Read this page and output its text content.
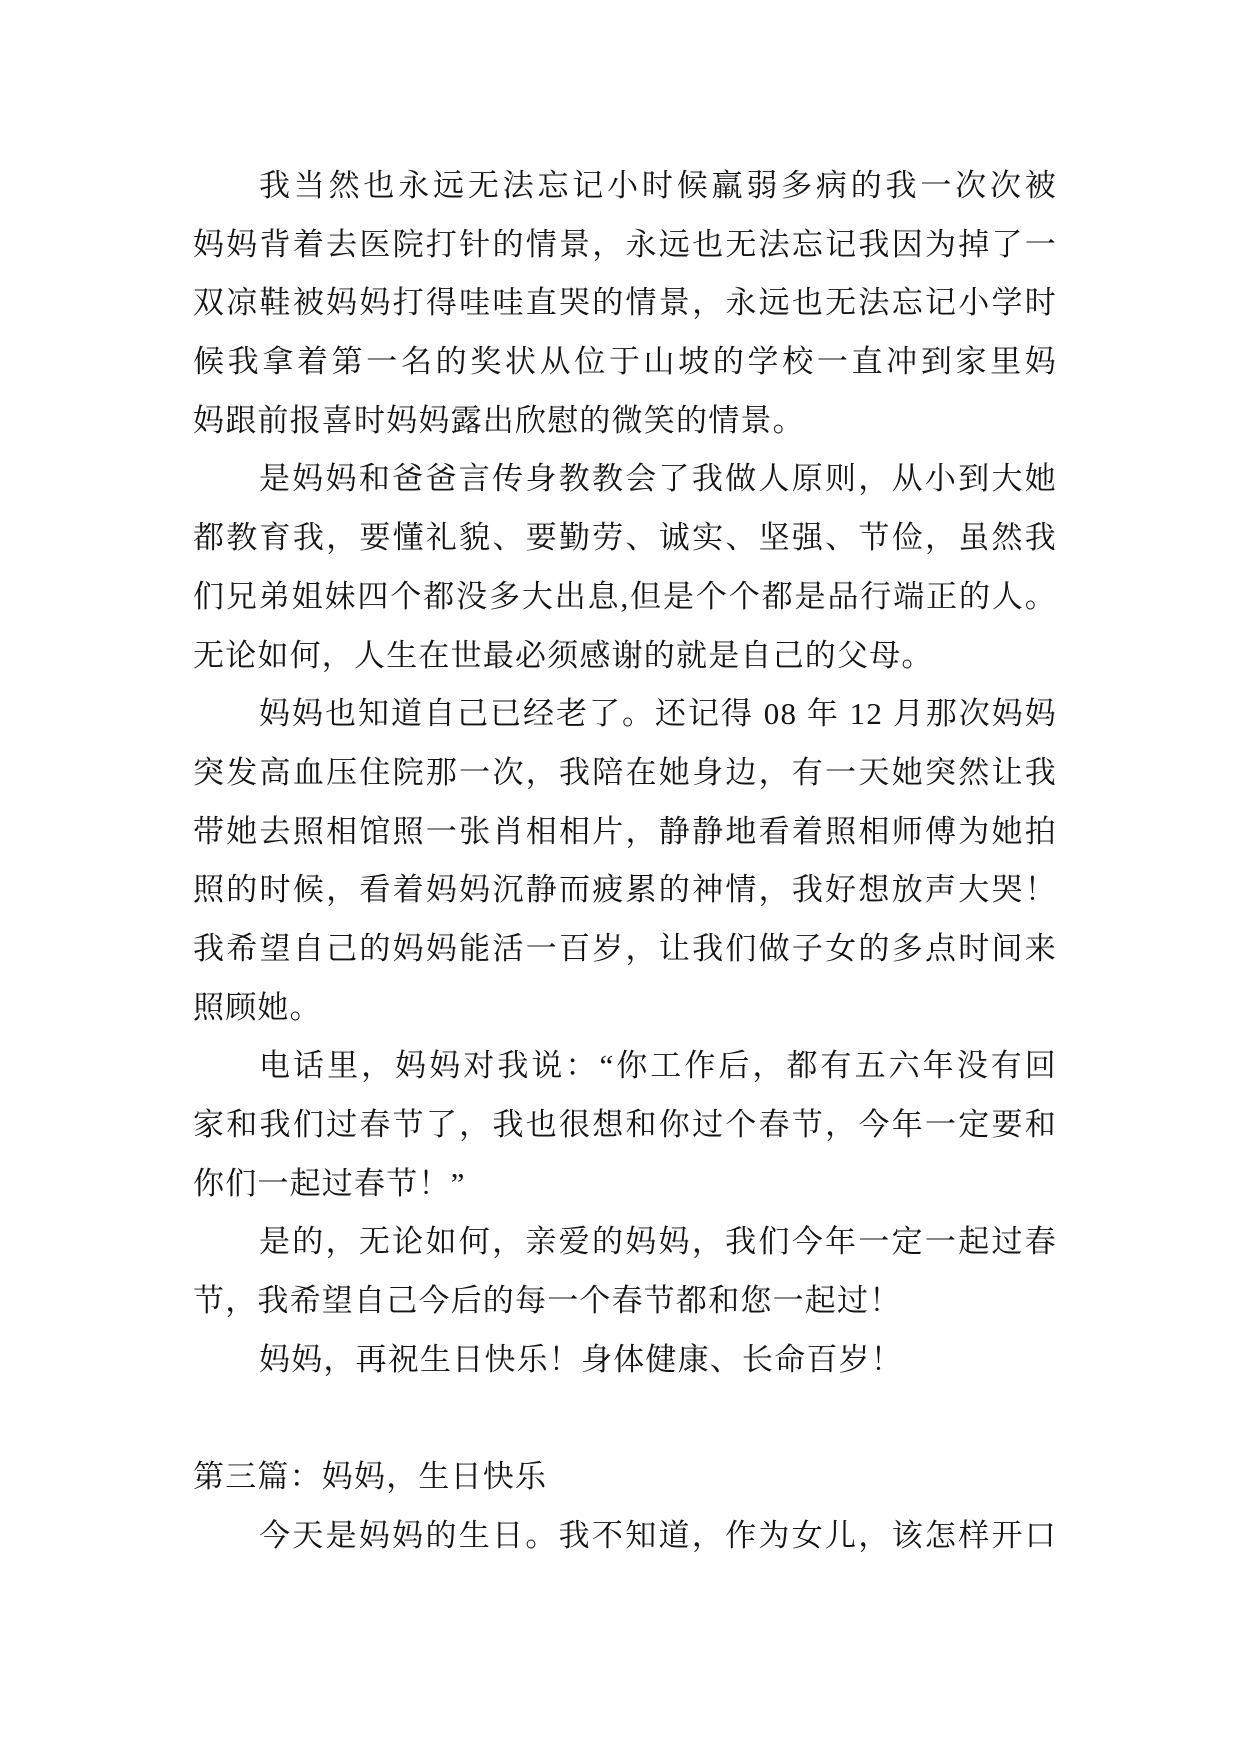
我当然也永远无法忘记小时候羸弱多病的我一次次被
妈妈背着去医院打针的情景，永远也无法忘记我因为掉了一
双凉鞋被妈妈打得哇哇直哭的情景，永远也无法忘记小学时
候我拿着第一名的奖状从位于山坡的学校一直冲到家里妈
妈跟前报喜时妈妈露出欣慰的微笑的情景。
是妈妈和爸爸言传身教教会了我做人原则，从小到大她
都教育我，要懂礼貌、要勤劳、诚实、坚强、节俭，虽然我
们兄弟姐妹四个都没多大出息,但是个个都是品行端正的人。
无论如何，人生在世最必须感谢的就是自己的父母。
妈妈也知道自己已经老了。还记得 08 年 12 月那次妈妈
突发高血压住院那一次，我陪在她身边，有一天她突然让我
带她去照相馆照一张肖相相片，静静地看着照相师傅为她拍
照的时候，看着妈妈沉静而疲累的神情，我好想放声大哭！
我希望自己的妈妈能活一百岁，让我们做子女的多点时间来
照顾她。
电话里，妈妈对我说：“你工作后，都有五六年没有回
家和我们过春节了，我也很想和你过个春节，今年一定要和
你们一起过春节！”
是的，无论如何，亲爱的妈妈，我们今年一定一起过春
节，我希望自己今后的每一个春节都和您一起过！
妈妈，再祝生日快乐！身体健康、长命百岁！
第三篇：妈妈，生日快乐
今天是妈妈的生日。我不知道，作为女儿，该怎样开口
